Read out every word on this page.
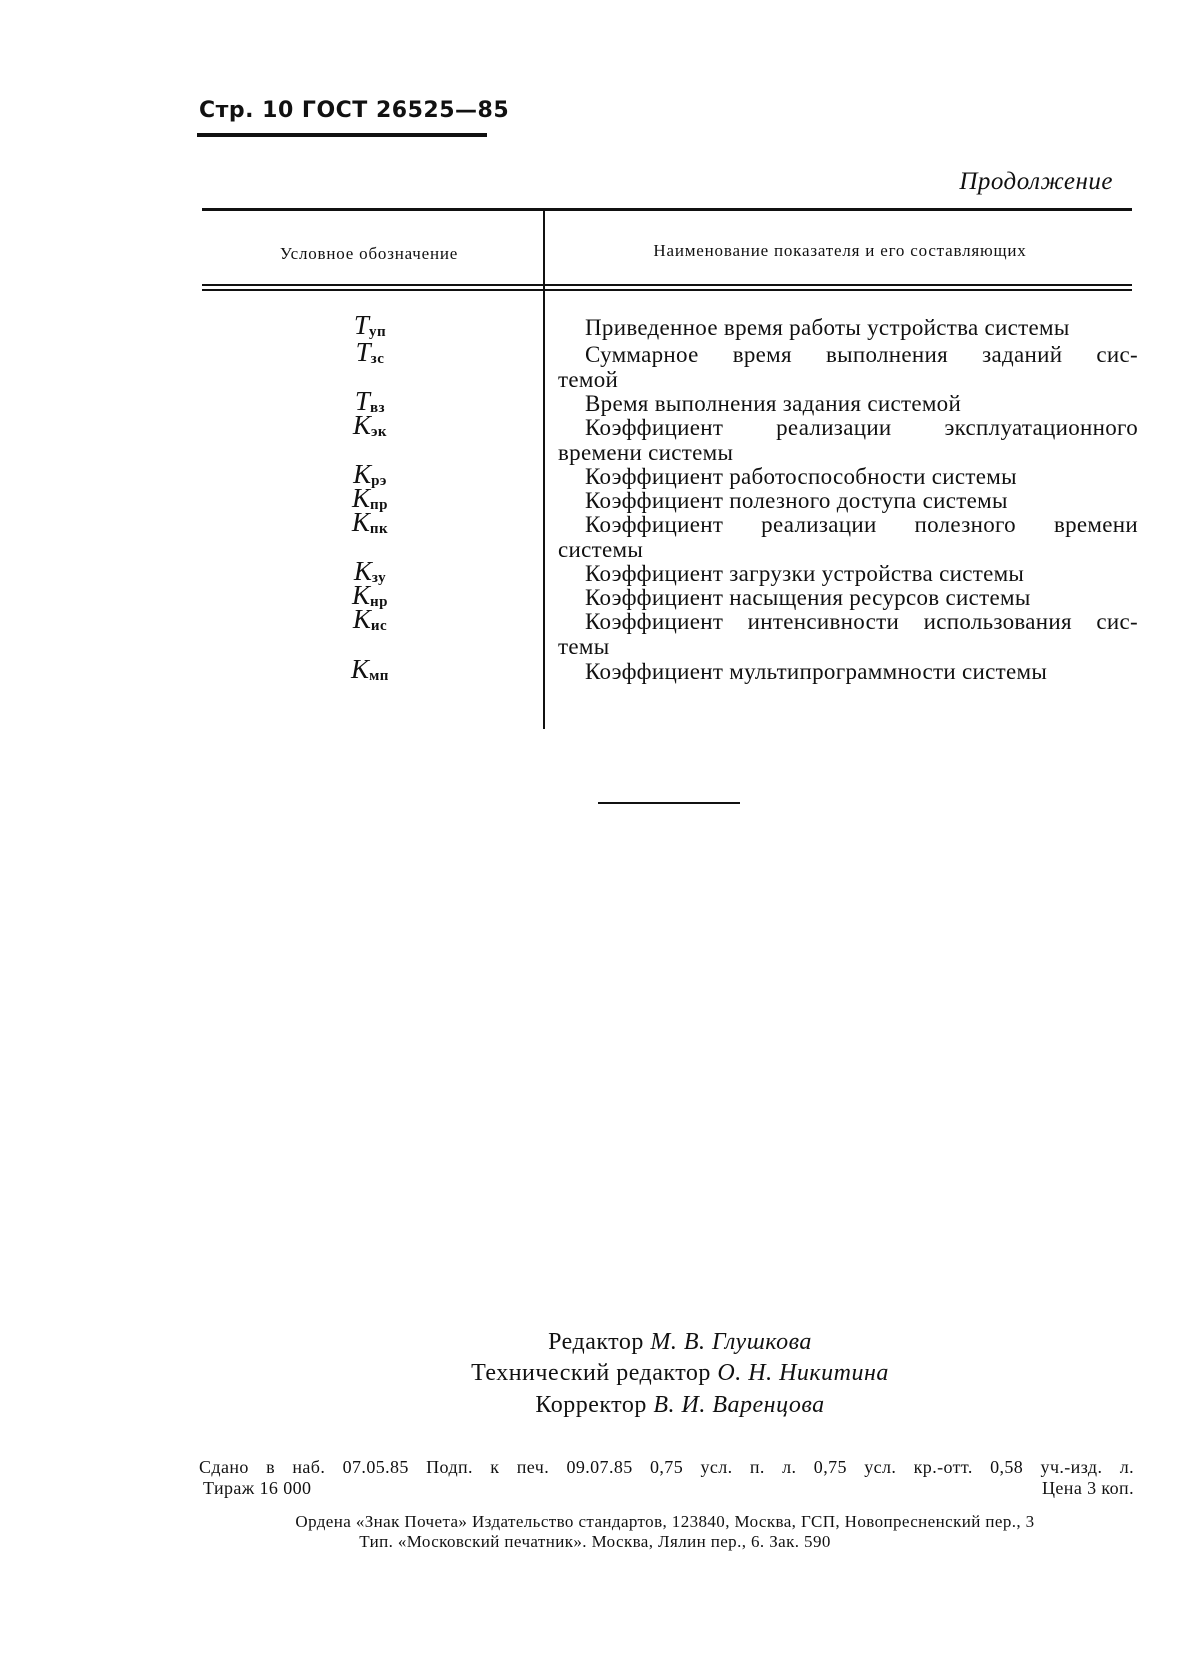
Стр. 10 ГОСТ 26525—85
Продолжение
Условное обозначение	Наименование показателя и его составляющих
$T_{уп}$	Приведенное время работы устройства системы
$T_{зс}$	Суммарное время выполнения заданий сис-
темой
$T_{вз}$	Время выполнения задания системой
$K_{эк}$	Коэффициент реализации эксплуатационного
времени системы
$K_{рэ}$	Коэффициент работоспособности системы
$K_{пр}$	Коэффициент полезного доступа системы
$K_{пк}$	Коэффициент реализации полезного времени
системы
$K_{зу}$	Коэффициент загрузки устройства системы
$K_{нр}$	Коэффициент насыщения ресурсов системы
$K_{ис}$	Коэффициент интенсивности использования сис-
темы
$K_{мп}$	Коэффициент мультипрограммности системы
Редактор М. В. Глушкова
Технический редактор О. Н. Никитина
Корректор В. И. Варенцова
Сдано в наб. 07.05.85 Подп. к печ. 09.07.85 0,75 усл. п. л. 0,75 усл. кр.-отт. 0,58 уч.-изд. л.
Тираж 16 000	Цена 3 коп.
Ордена «Знак Почета» Издательство стандартов, 123840, Москва, ГСП, Новопресненский пер., 3
Тип. «Московский печатник». Москва, Лялин пер., 6. Зак. 590
